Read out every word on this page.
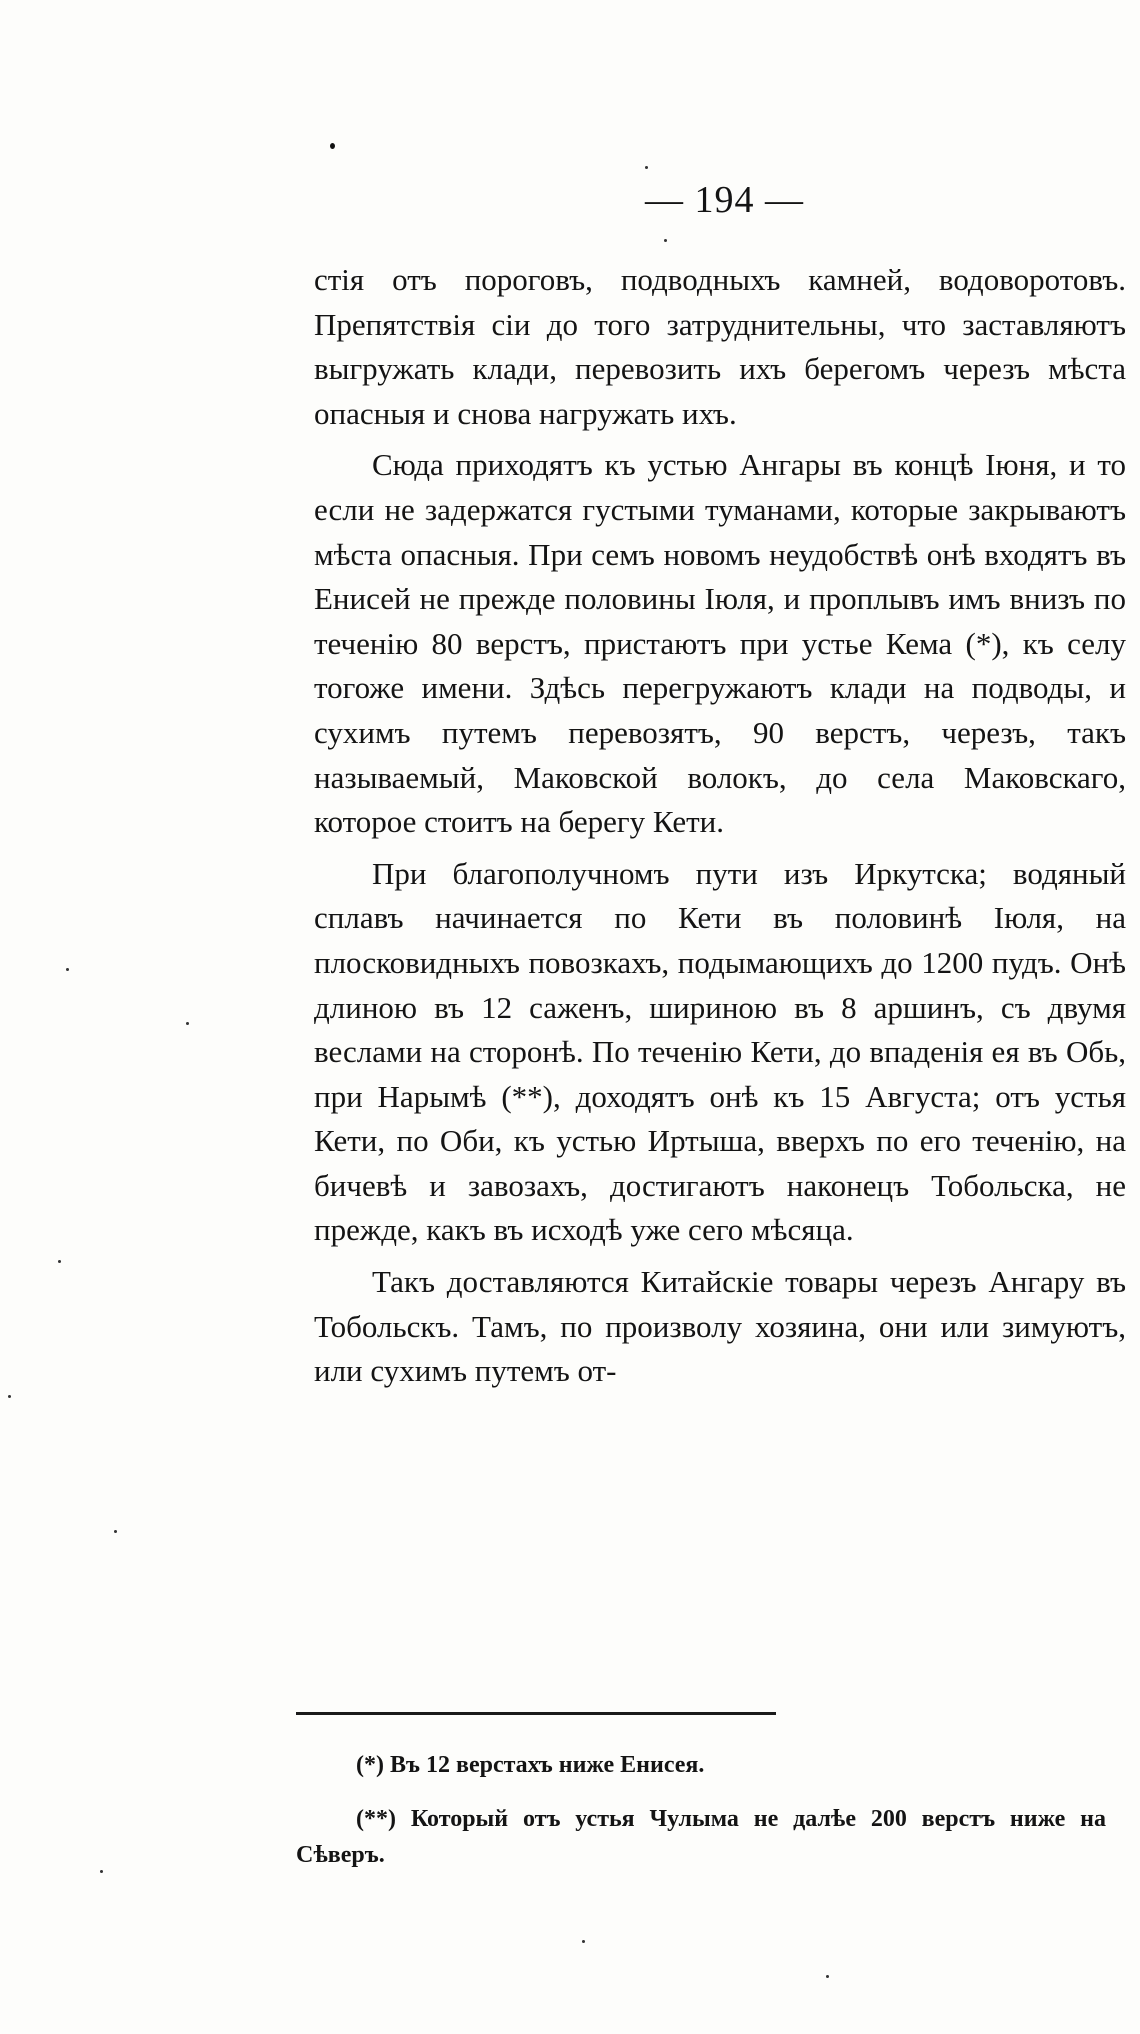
— 194 —

стія отъ пороговъ, подводныхъ камней, водоворотовъ. Препятствія сіи до того затруднительны, что заставляютъ выгружать клади, перевозить ихъ берегомъ черезъ мѣста опасныя и снова нагружать ихъ.

Сюда приходятъ къ устью Ангары въ концѣ Іюня, и то если не задержатся густыми туманами, которые закрываютъ мѣста опасныя. При семъ новомъ неудобствѣ онѣ входятъ въ Енисей не прежде половины Іюля, и проплывъ имъ внизъ по теченію 80 верстъ, пристаютъ при устье Кема (*), къ селу тогоже имени. Здѣсь перегружаютъ клади на подводы, и сухимъ путемъ перевозятъ, 90 верстъ, черезъ, такъ называемый, Маковской волокъ, до села Маковскаго, которое стоитъ на берегу Кети.

При благополучномъ пути изъ Иркутска; водяный сплавъ начинается по Кети въ половинѣ Іюля, на плосковидныхъ повозкахъ, подымающихъ до 1200 пудъ. Онѣ длиною въ 12 саженъ, шириною въ 8 аршинъ, съ двумя веслами на сторонѣ. По теченію Кети, до впаденія ея въ Обь, при Нарымѣ (**), доходятъ онѣ къ 15 Августа; отъ устья Кети, по Оби, къ устью Иртыша, вверхъ по его теченію, на бичевѣ и завозахъ, достигаютъ наконецъ Тобольска, не прежде, какъ въ исходѣ уже сего мѣсяца.

Такъ доставляются Китайскіе товары черезъ Ангару въ Тобольскъ. Тамъ, по произволу хозяина, они или зимуютъ, или сухимъ путемъ от-

(*) Въ 12 верстахъ ниже Енисея.

(**) Который отъ устья Чулыма не далѣе 200 верстъ ниже на Сѣверъ.
